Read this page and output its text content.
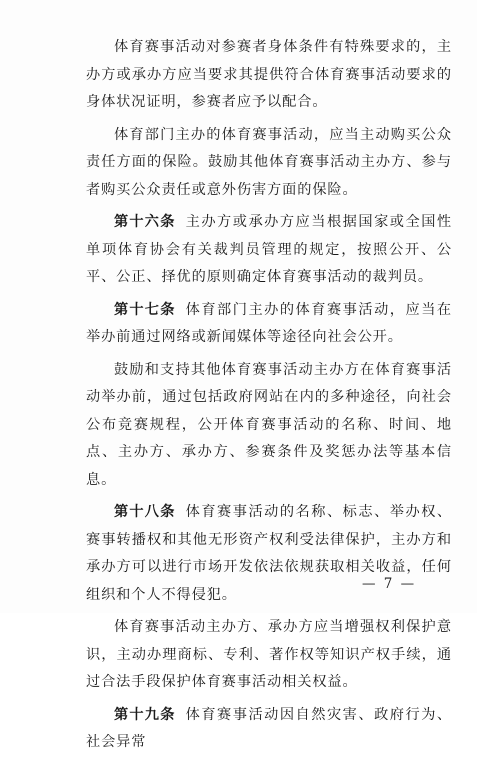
体育赛事活动对参赛者身体条件有特殊要求的，主办方或承办方应当要求其提供符合体育赛事活动要求的身体状况证明，参赛者应予以配合。

体育部门主办的体育赛事活动，应当主动购买公众责任方面的保险。鼓励其他体育赛事活动主办方、参与者购买公众责任或意外伤害方面的保险。

第十六条 主办方或承办方应当根据国家或全国性单项体育协会有关裁判员管理的规定，按照公开、公平、公正、择优的原则确定体育赛事活动的裁判员。

第十七条 体育部门主办的体育赛事活动，应当在举办前通过网络或新闻媒体等途径向社会公开。

鼓励和支持其他体育赛事活动主办方在体育赛事活动举办前，通过包括政府网站在内的多种途径，向社会公布竞赛规程，公开体育赛事活动的名称、时间、地点、主办方、承办方、参赛条件及奖惩办法等基本信息。

第十八条 体育赛事活动的名称、标志、举办权、赛事转播权和其他无形资产权利受法律保护，主办方和承办方可以进行市场开发依法依规获取相关收益，任何组织和个人不得侵犯。

体育赛事活动主办方、承办方应当增强权利保护意识，主动办理商标、专利、著作权等知识产权手续，通过合法手段保护体育赛事活动相关权益。

第十九条 体育赛事活动因自然灾害、政府行为、社会异常

— 7 —
